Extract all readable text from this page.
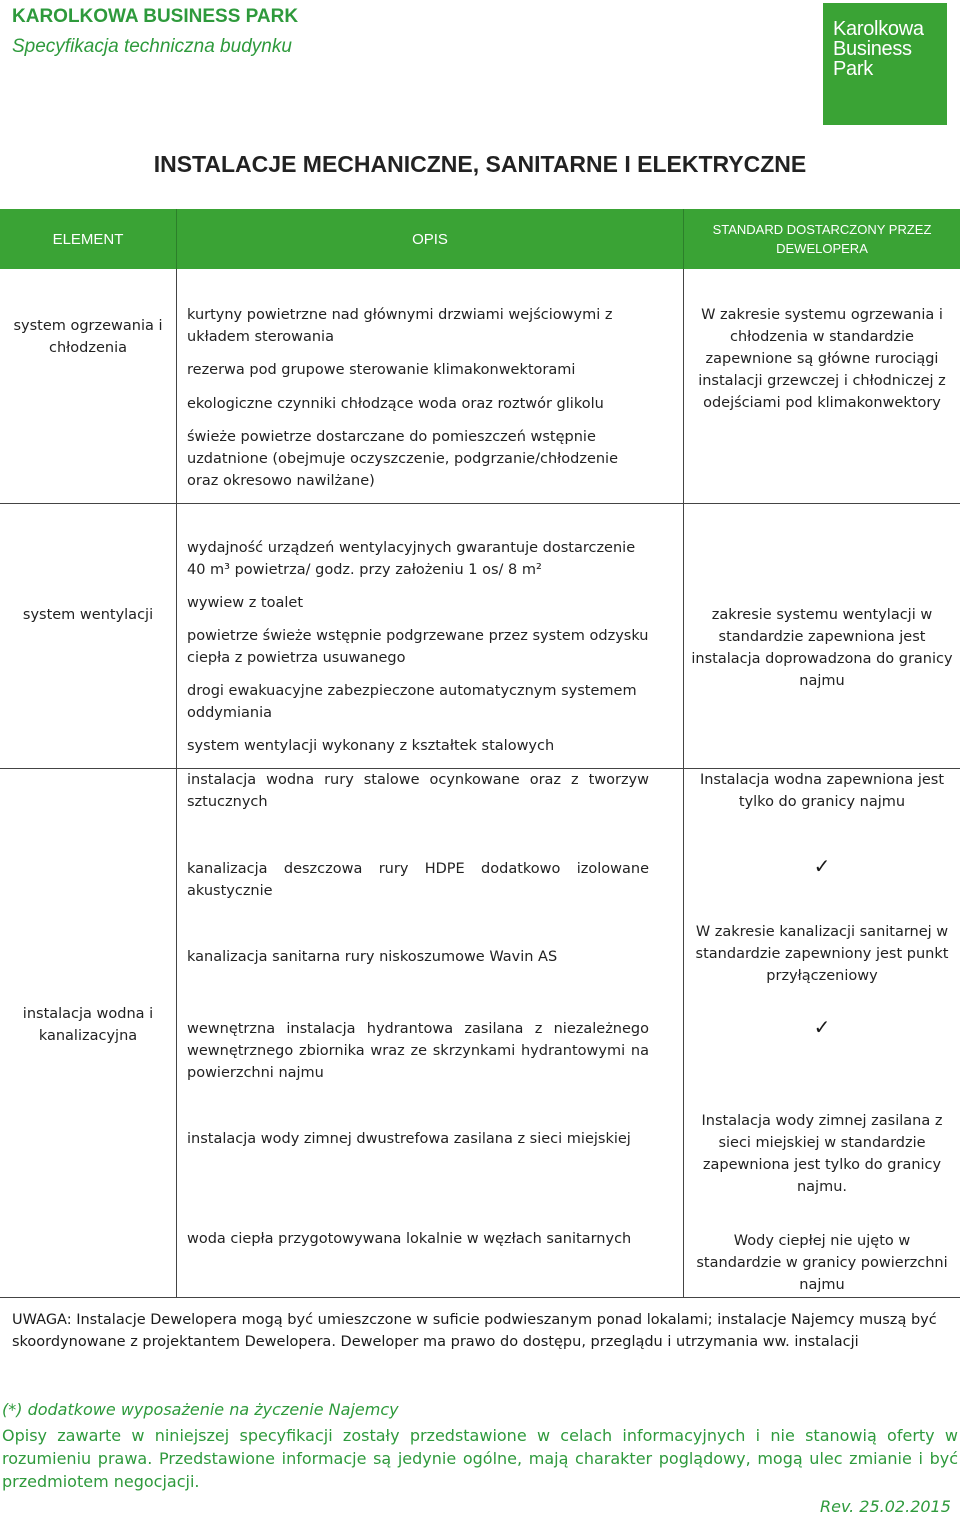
KAROLKOWA BUSINESS PARK
Specyfikacja techniczna budynku
Karolkowa
Business
Park
INSTALACJE MECHANICZNE, SANITARNE I ELEKTRYCZNE
ELEMENT	OPIS
STANDARD DOSTARCZONY PRZEZ DEWELOPERA
system ogrzewania i chłodzenia
kurtyny powietrzne nad głównymi drzwiami wejściowymi z układem sterowania
rezerwa pod grupowe sterowanie klimakonwektorami
ekologiczne czynniki chłodzące woda oraz roztwór glikolu
świeże powietrze dostarczane do pomieszczeń wstępnie uzdatnione (obejmuje oczyszczenie, podgrzanie/chłodzenie oraz okresowo nawilżane)
W zakresie systemu ogrzewania i chłodzenia w standardzie zapewnione są główne rurociągi instalacji grzewczej i chłodniczej z odejściami pod klimakonwektory
system wentylacji
wydajność urządzeń wentylacyjnych gwarantuje dostarczenie 40 m³ powietrza/ godz. przy założeniu 1 os/ 8 m²
wywiew z toalet
powietrze świeże wstępnie podgrzewane przez system odzysku ciepła z powietrza usuwanego
drogi ewakuacyjne zabezpieczone automatycznym systemem oddymiania
system wentylacji wykonany z kształtek stalowych
zakresie systemu wentylacji w standardzie zapewniona jest instalacja doprowadzona do granicy najmu
instalacja wodna i kanalizacyjna
instalacja wodna rury stalowe ocynkowane oraz z tworzyw sztucznych
kanalizacja deszczowa rury HDPE dodatkowo izolowane akustycznie
kanalizacja sanitarna rury niskoszumowe Wavin AS
wewnętrzna instalacja hydrantowa zasilana z niezależnego wewnętrznego zbiornika wraz ze skrzynkami hydrantowymi na powierzchni najmu
instalacja wody zimnej dwustrefowa zasilana z sieci miejskiej
woda ciepła przygotowywana lokalnie w węzłach sanitarnych
Instalacja wodna zapewniona jest tylko do granicy najmu
✓
W zakresie kanalizacji sanitarnej w standardzie zapewniony jest punkt przyłączeniowy
✓
Instalacja wody zimnej zasilana z sieci miejskiej w standardzie zapewniona jest tylko do granicy najmu.
Wody ciepłej nie ujęto w standardzie w granicy powierzchni najmu
UWAGA: Instalacje Dewelopera mogą być umieszczone w suficie podwieszanym ponad lokalami; instalacje Najemcy muszą być skoordynowane z projektantem Dewelopera. Deweloper ma prawo do dostępu, przeglądu i utrzymania ww. instalacji
(*) dodatkowe wyposażenie na życzenie Najemcy
Opisy zawarte w niniejszej specyfikacji zostały przedstawione w celach informacyjnych i nie stanowią oferty w rozumieniu prawa. Przedstawione informacje są jedynie ogólne, mają charakter poglądowy, mogą ulec zmianie i być przedmiotem negocjacji.
Rev. 25.02.2015
